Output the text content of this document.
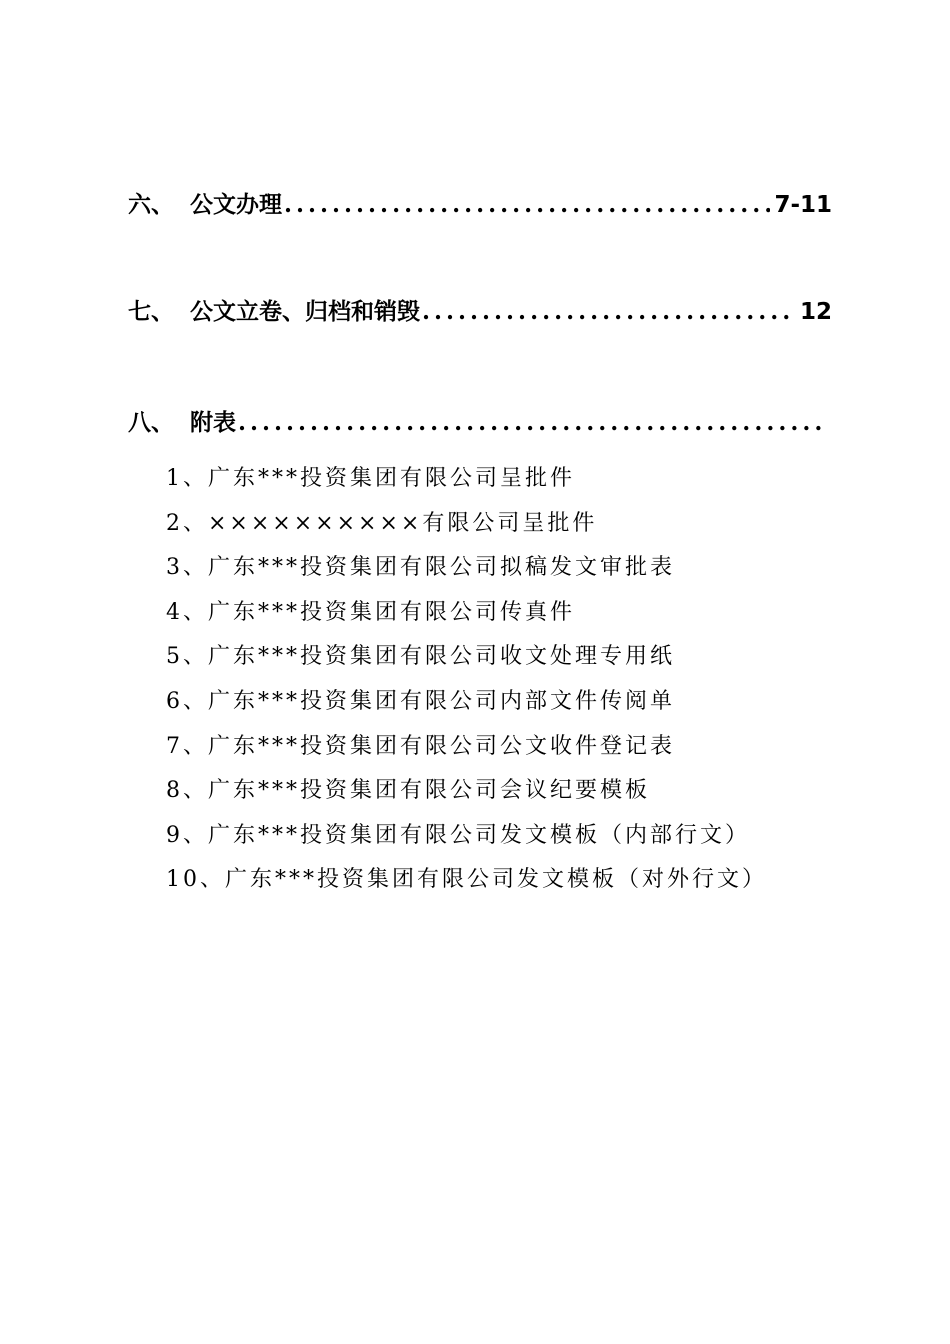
六、 公文办理 .....	7-11
七、 公文立卷、归档和销毁 .....	12
八、 附表
.....
1、广东***投资集团有限公司呈批件
2、××××××××××有限公司呈批件
3、广东***投资集团有限公司拟稿发文审批表
4、广东***投资集团有限公司传真件
5、广东***投资集团有限公司收文处理专用纸
6、广东***投资集团有限公司内部文件传阅单
7、广东***投资集团有限公司公文收件登记表
8、广东***投资集团有限公司会议纪要模板
9、广东***投资集团有限公司发文模板（内部行文）
10、广东***投资集团有限公司发文模板（对外行文）
